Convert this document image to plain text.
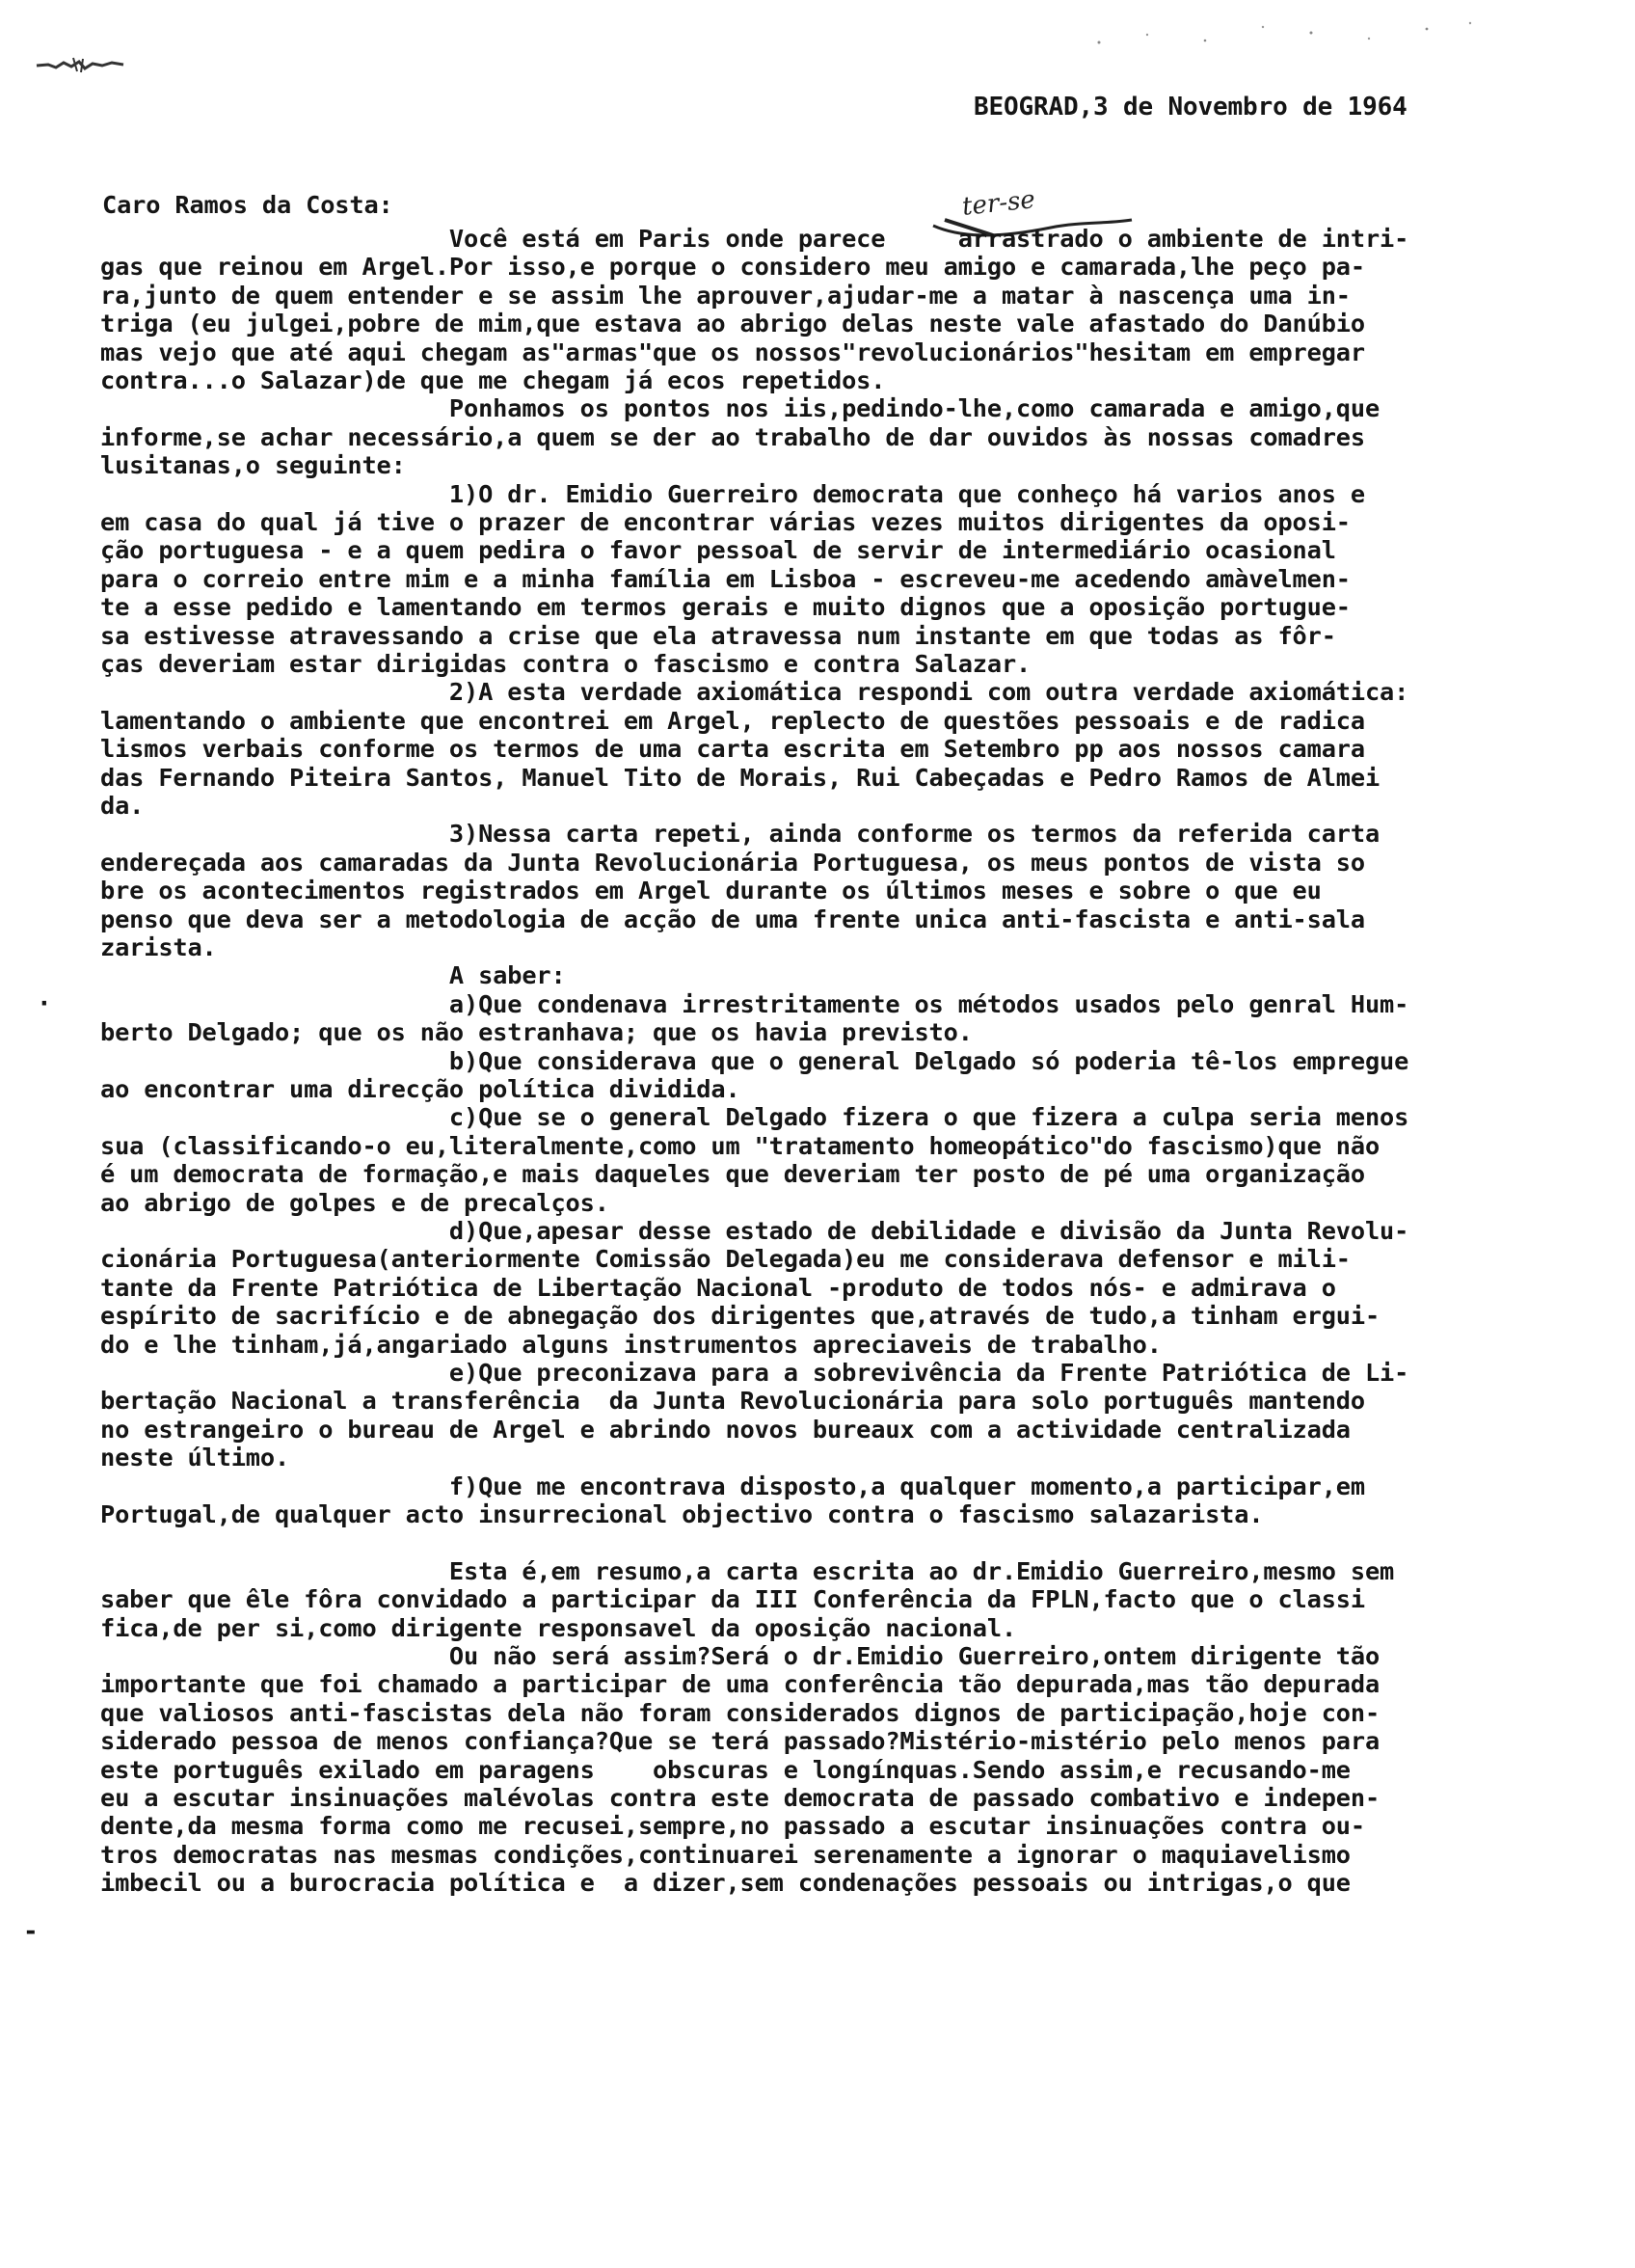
BEOGRAD,3 de Novembro de 1964
Caro Ramos da Costa:	ter-se
Você está em Paris onde parece     arrastrado o ambiente de intri-
gas que reinou em Argel.Por isso,e porque o considero meu amigo e camarada,lhe peço pa-
ra,junto de quem entender e se assim lhe aprouver,ajudar-me a matar à nascença uma in-
triga (eu julgei,pobre de mim,que estava ao abrigo delas neste vale afastado do Danúbio
mas vejo que até aqui chegam as"armas"que os nossos"revolucionários"hesitam em empregar
contra...o Salazar)de que me chegam já ecos repetidos.
Ponhamos os pontos nos iis,pedindo-lhe,como camarada e amigo,que
informe,se achar necessário,a quem se der ao trabalho de dar ouvidos às nossas comadres
lusitanas,o seguinte:
1)O dr. Emidio Guerreiro democrata que conheço há varios anos e
em casa do qual já tive o prazer de encontrar várias vezes muitos dirigentes da oposi-
ção portuguesa - e a quem pedira o favor pessoal de servir de intermediário ocasional
para o correio entre mim e a minha família em Lisboa - escreveu-me acedendo amàvelmen-
te a esse pedido e lamentando em termos gerais e muito dignos que a oposição portugue-
sa estivesse atravessando a crise que ela atravessa num instante em que todas as fôr-
ças deveriam estar dirigidas contra o fascismo e contra Salazar.
2)A esta verdade axiomática respondi com outra verdade axiomática:
lamentando o ambiente que encontrei em Argel, replecto de questões pessoais e de radica
lismos verbais conforme os termos de uma carta escrita em Setembro pp aos nossos camara
das Fernando Piteira Santos, Manuel Tito de Morais, Rui Cabeçadas e Pedro Ramos de Almei
da.
3)Nessa carta repeti, ainda conforme os termos da referida carta
endereçada aos camaradas da Junta Revolucionária Portuguesa, os meus pontos de vista so
bre os acontecimentos registrados em Argel durante os últimos meses e sobre o que eu
penso que deva ser a metodologia de acção de uma frente unica anti-fascista e anti-sala
zarista.
A saber:
a)Que condenava irrestritamente os métodos usados pelo genral Hum-
berto Delgado; que os não estranhava; que os havia previsto.
b)Que considerava que o general Delgado só poderia tê-los empregue
ao encontrar uma direcção política dividida.
c)Que se o general Delgado fizera o que fizera a culpa seria menos
sua (classificando-o eu,literalmente,como um "tratamento homeopático"do fascismo)que não
é um democrata de formação,e mais daqueles que deveriam ter posto de pé uma organização
ao abrigo de golpes e de precalços.
d)Que,apesar desse estado de debilidade e divisão da Junta Revolu-
cionária Portuguesa(anteriormente Comissão Delegada)eu me considerava defensor e mili-
tante da Frente Patriótica de Libertação Nacional -produto de todos nós- e admirava o
espírito de sacrifício e de abnegação dos dirigentes que,através de tudo,a tinham ergui-
do e lhe tinham,já,angariado alguns instrumentos apreciaveis de trabalho.
e)Que preconizava para a sobrevivência da Frente Patriótica de Li-
bertação Nacional a transferência  da Junta Revolucionária para solo português mantendo
no estrangeiro o bureau de Argel e abrindo novos bureaux com a actividade centralizada
neste último.
f)Que me encontrava disposto,a qualquer momento,a participar,em
Portugal,de qualquer acto insurrecional objectivo contra o fascismo salazarista.
Esta é,em resumo,a carta escrita ao dr.Emidio Guerreiro,mesmo sem
saber que êle fôra convidado a participar da III Conferência da FPLN,facto que o classi
fica,de per si,como dirigente responsavel da oposição nacional.
Ou não será assim?Será o dr.Emidio Guerreiro,ontem dirigente tão
importante que foi chamado a participar de uma conferência tão depurada,mas tão depurada
que valiosos anti-fascistas dela não foram considerados dignos de participação,hoje con-
siderado pessoa de menos confiança?Que se terá passado?Mistério-mistério pelo menos para
este português exilado em paragens    obscuras e longínquas.Sendo assim,e recusando-me
eu a escutar insinuações malévolas contra este democrata de passado combativo e indepen-
dente,da mesma forma como me recusei,sempre,no passado a escutar insinuações contra ou-
tros democratas nas mesmas condições,continuarei serenamente a ignorar o maquiavelismo
imbecil ou a burocracia política e  a dizer,sem condenações pessoais ou intrigas,o que
·
-
